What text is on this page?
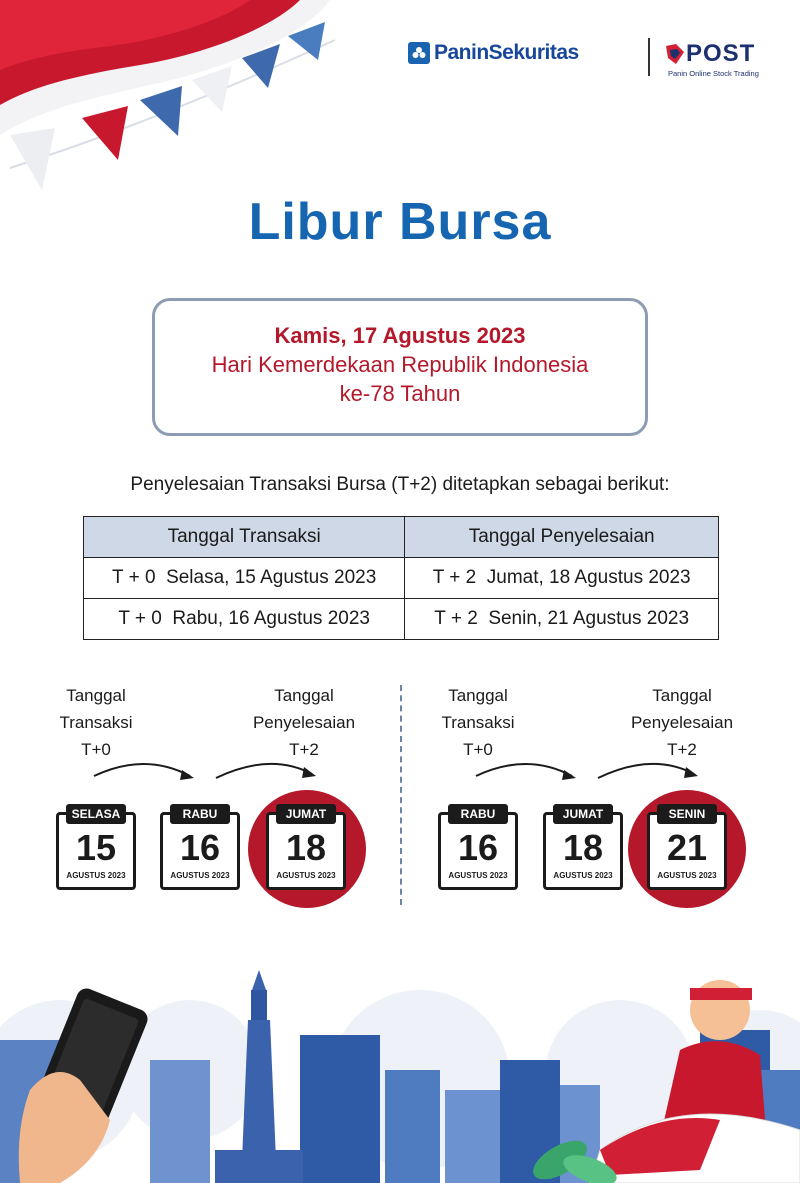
PaninSekuritas	POST
Panin Online Stock Trading
Libur Bursa
Kamis, 17 Agustus 2023
Hari Kemerdekaan Republik Indonesia
ke-78 Tahun
Penyelesaian Transaksi Bursa (T+2) ditetapkan sebagai berikut:
Tanggal Transaksi	Tanggal Penyelesaian
T + 0  Selasa, 15 Agustus 2023	T + 2  Jumat, 18 Agustus 2023
T + 0  Rabu, 16 Agustus 2023	T + 2  Senin, 21 Agustus 2023
Tanggal
Transaksi
T+0
Tanggal
Penyelesaian
T+2
SELASA
15
AGUSTUS 2023
RABU
16
AGUSTUS 2023
JUMAT
18
AGUSTUS 2023
Tanggal
Transaksi
T+0
Tanggal
Penyelesaian
T+2
RABU
16
AGUSTUS 2023
JUMAT
18
AGUSTUS 2023
SENIN
21
AGUSTUS 2023
